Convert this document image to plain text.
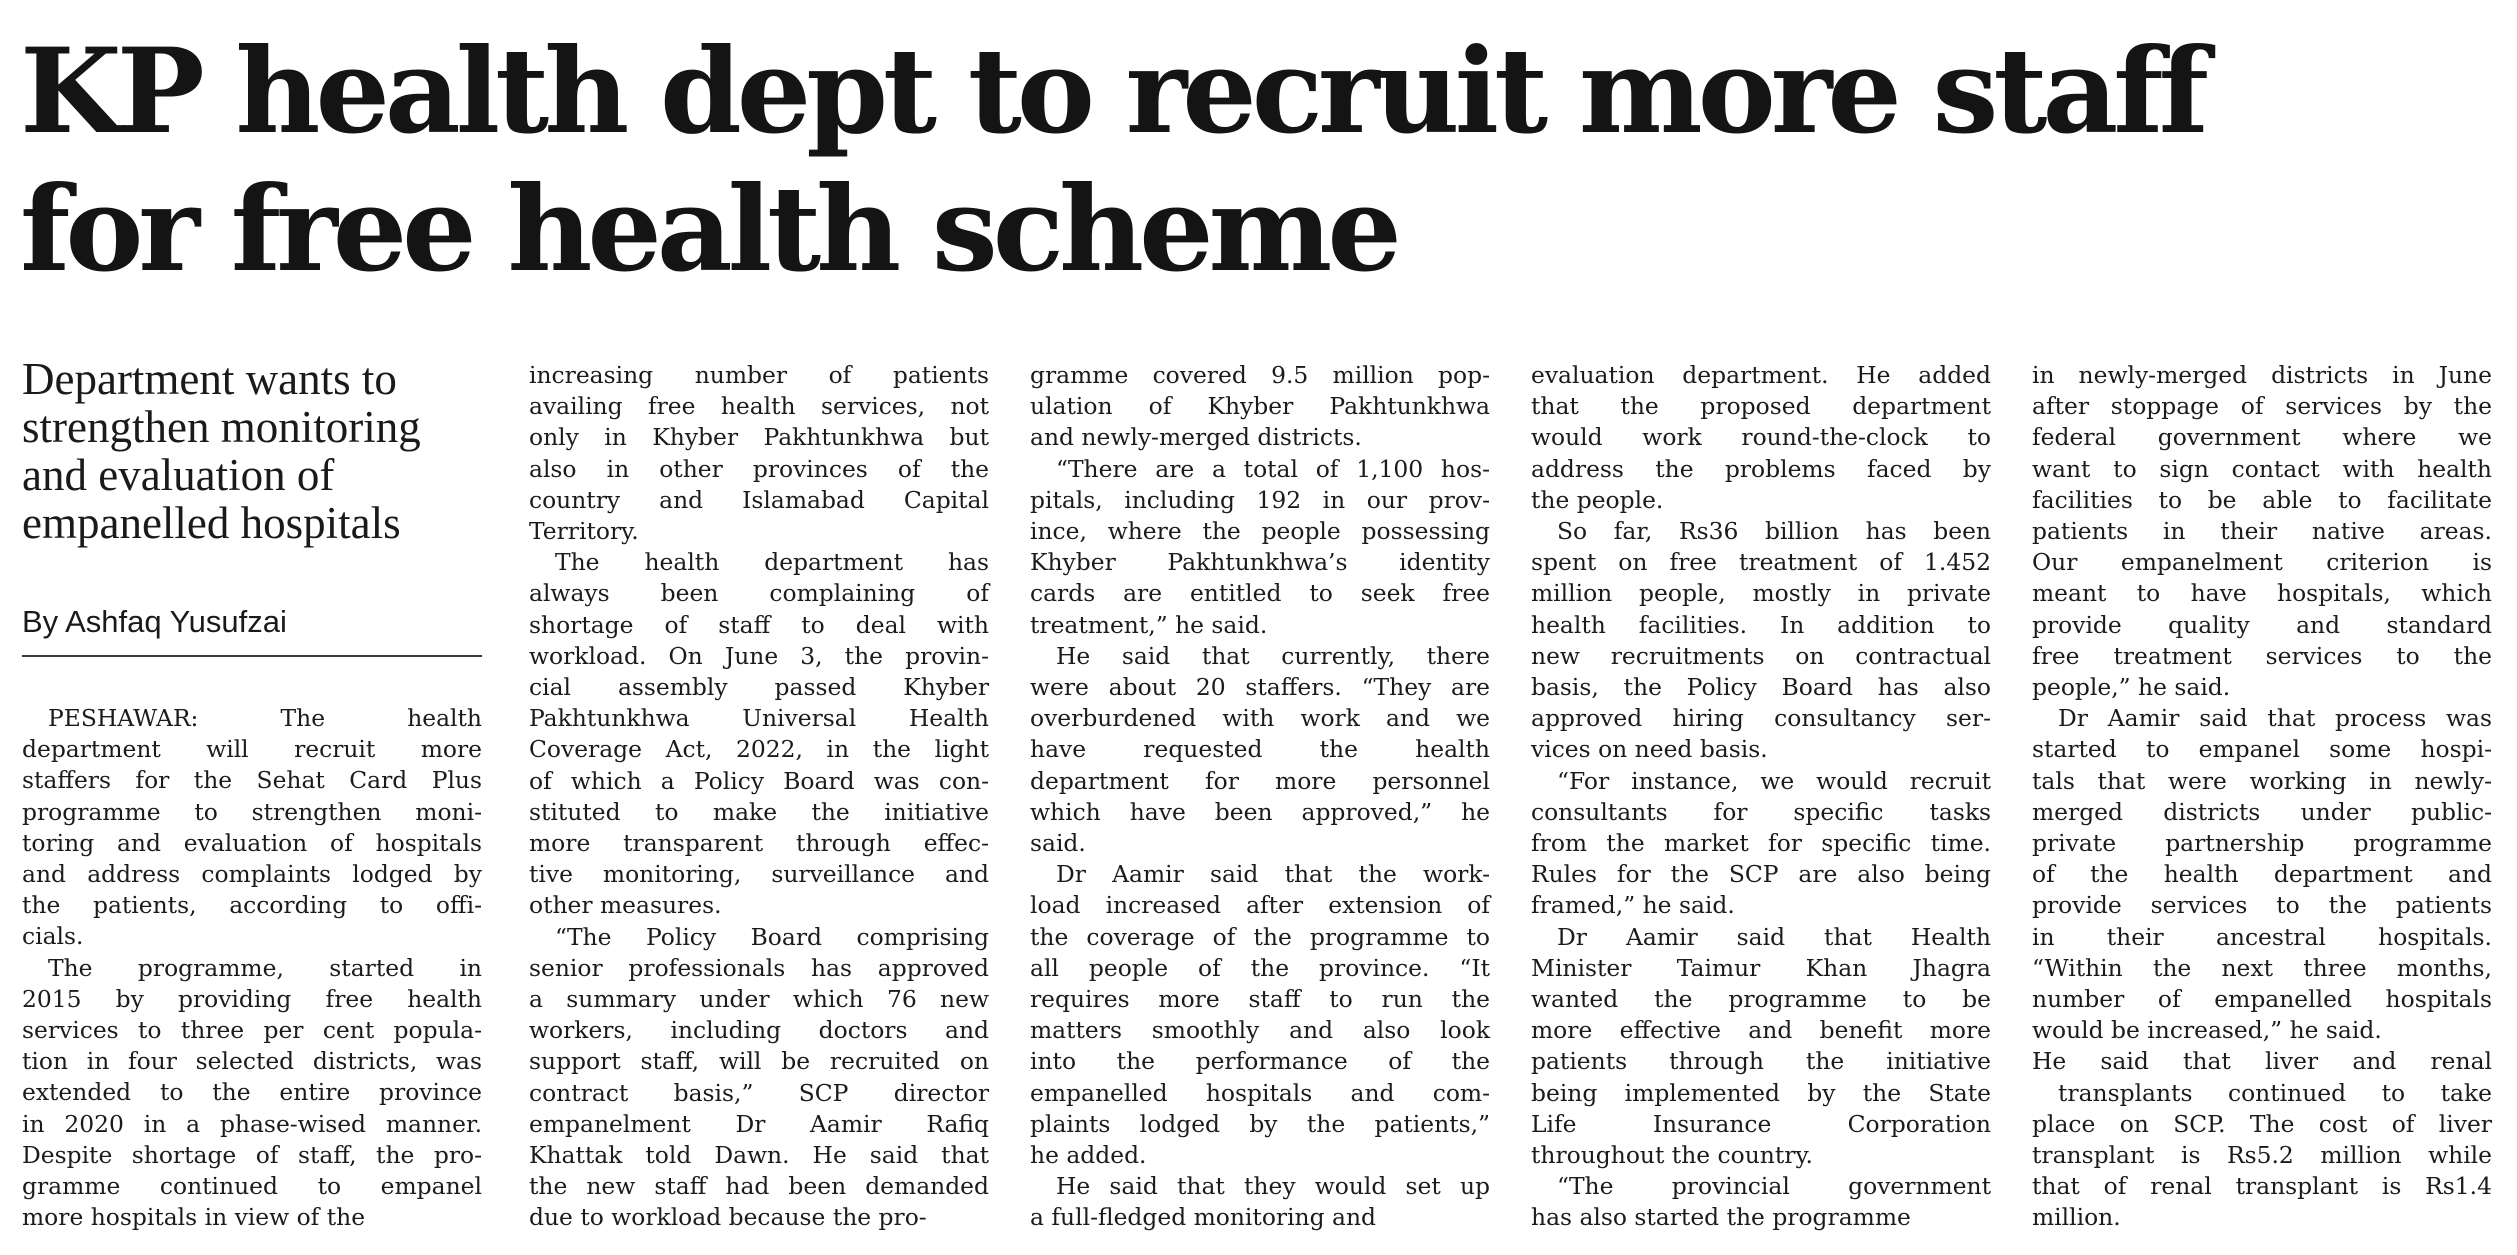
KP health dept to recruit more staff
for free health scheme
Department wants to
strengthen monitoring
and evaluation of
empanelled hospitals
By Ashfaq Yusufzai
PESHAWAR: The health
department will recruit more
staffers for the Sehat Card Plus
programme to strengthen moni-
toring and evaluation of hospitals
and address complaints lodged by
the patients, according to offi-
cials.
The programme, started in
2015 by providing free health
services to three per cent popula-
tion in four selected districts, was
extended to the entire province
in 2020 in a phase-wised manner.
Despite shortage of staff, the pro-
gramme continued to empanel
more hospitals in view of the
increasing number of patients
availing free health services, not
only in Khyber Pakhtunkhwa but
also in other provinces of the
country and Islamabad Capital
Territory.
The health department has
always been complaining of
shortage of staff to deal with
workload. On June 3, the provin-
cial assembly passed Khyber
Pakhtunkhwa Universal Health
Coverage Act, 2022, in the light
of which a Policy Board was con-
stituted to make the initiative
more transparent through effec-
tive monitoring, surveillance and
other measures.
“The Policy Board comprising
senior professionals has approved
a summary under which 76 new
workers, including doctors and
support staff, will be recruited on
contract basis,” SCP director
empanelment Dr Aamir Rafiq
Khattak told Dawn. He said that
the new staff had been demanded
due to workload because the pro-
gramme covered 9.5 million pop-
ulation of Khyber Pakhtunkhwa
and newly-merged districts.
“There are a total of 1,100 hos-
pitals, including 192 in our prov-
ince, where the people possessing
Khyber Pakhtunkhwa’s identity
cards are entitled to seek free
treatment,” he said.
He said that currently, there
were about 20 staffers. “They are
overburdened with work and we
have requested the health
department for more personnel
which have been approved,” he
said.
Dr Aamir said that the work-
load increased after extension of
the coverage of the programme to
all people of the province. “It
requires more staff to run the
matters smoothly and also look
into the performance of the
empanelled hospitals and com-
plaints lodged by the patients,”
he added.
He said that they would set up
a full-fledged monitoring and
evaluation department. He added
that the proposed department
would work round-the-clock to
address the problems faced by
the people.
So far, Rs36 billion has been
spent on free treatment of 1.452
million people, mostly in private
health facilities. In addition to
new recruitments on contractual
basis, the Policy Board has also
approved hiring consultancy ser-
vices on need basis.
“For instance, we would recruit
consultants for specific tasks
from the market for specific time.
Rules for the SCP are also being
framed,” he said.
Dr Aamir said that Health
Minister Taimur Khan Jhagra
wanted the programme to be
more effective and benefit more
patients through the initiative
being implemented by the State
Life Insurance Corporation
throughout the country.
“The provincial government
has also started the programme
in newly-merged districts in June
after stoppage of services by the
federal government where we
want to sign contact with health
facilities to be able to facilitate
patients in their native areas.
Our empanelment criterion is
meant to have hospitals, which
provide quality and standard
free treatment services to the
people,” he said.
Dr Aamir said that process was
started to empanel some hospi-
tals that were working in newly-
merged districts under public-
private partnership programme
of the health department and
provide services to the patients
in their ancestral hospitals.
“Within the next three months,
number of empanelled hospitals
would be increased,” he said.
He said that liver and renal
transplants continued to take
place on SCP. The cost of liver
transplant is Rs5.2 million while
that of renal transplant is Rs1.4
million.
